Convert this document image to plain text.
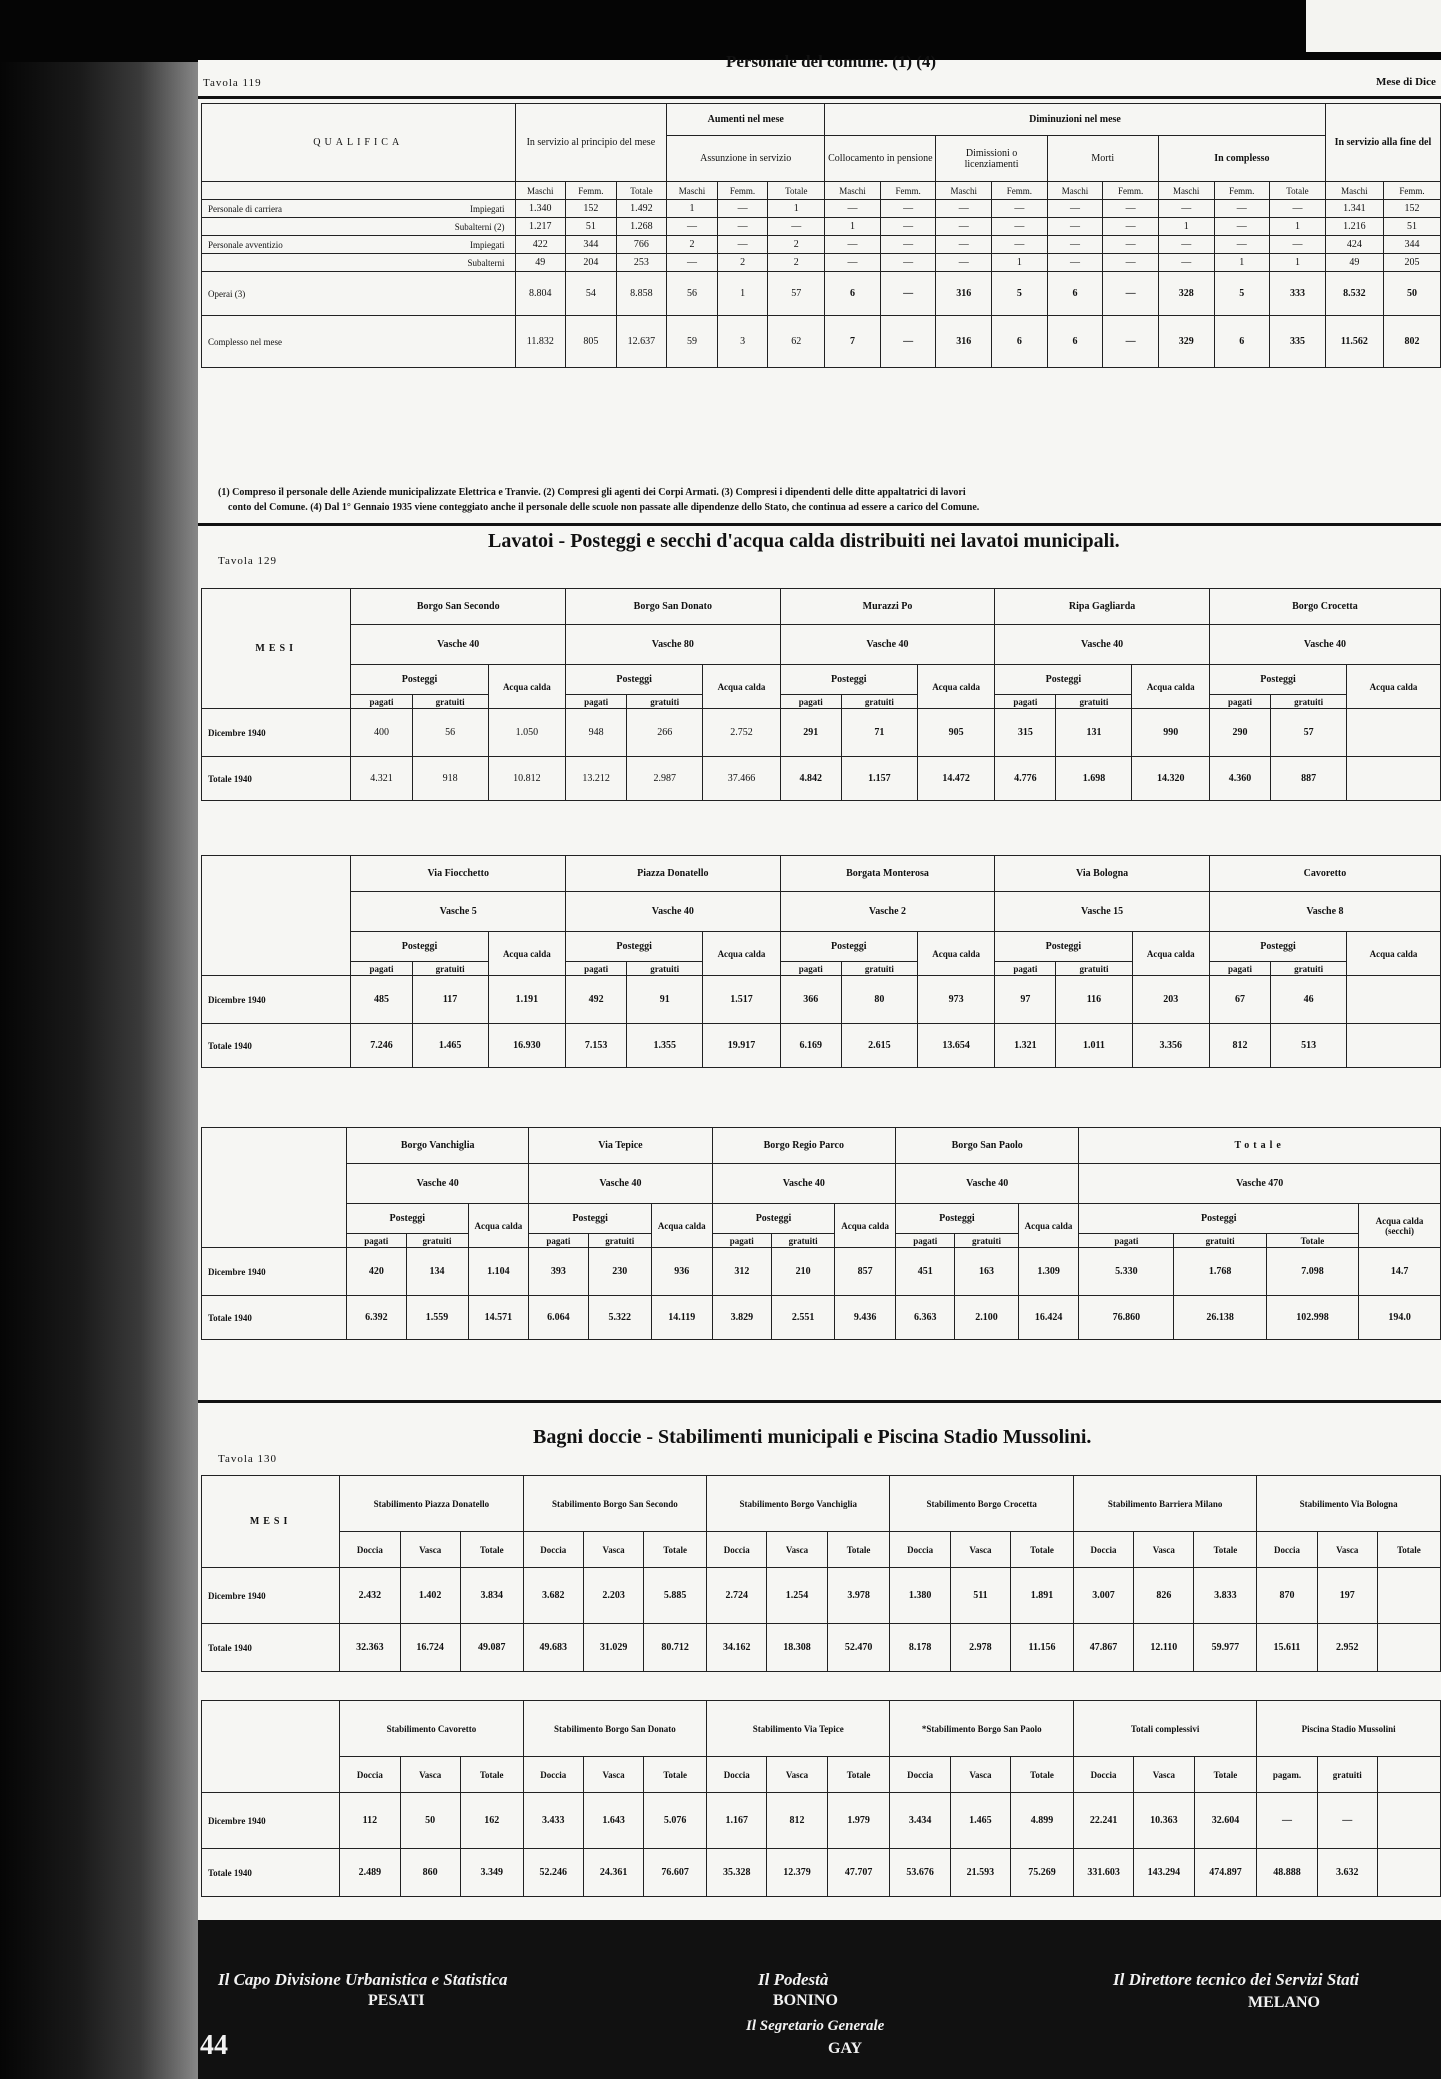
Tavola 119
Personale del comune. (1) (4)
Mese di Dice
QUALIFICA	In servizio al principio del mese			Aumenti nel mese			Diminuzioni nel mese									In servizio alla fine del	
				Assunzione in servizio			Collocamento in pensione		Dimissioni o licenziamenti		Morti		In complesso				

	Maschi	Femm.	Totale	Maschi	Femm.	Totale	Maschi	Femm.	Maschi	Femm.	Maschi	Femm.	Maschi	Femm.	Totale	Maschi	Femm.
Personale di carriera Impiegati	1.340	152	1.492	1	—	1	—	—	—	—	—	—	—	—	—	1.341	152

Subalterni (2)	1.217	51	1.268	—	—	—	1	—	—	—	—	—	1	—	1	1.216	51
Personale avventizio Impiegati	422	344	766	2	—	2	—	—	—	—	—	—	—	—	—	424	344

Subalterni	49	204	253	—	2	2	—	—	—	1	—	—	—	1	1	49	205
Operai (3)	8.804	54	8.858	56	1	57	6	—	316	5	6	—	328	5	333	8.532	50
Complesso nel mese	11.832	805	12.637	59	3	62	7	—	316	6	6	—	329	6	335	11.562	802
(1) Compreso il personale delle Aziende municipalizzate Elettrica e Tranvie. (2) Compresi gli agenti dei Corpi Armati. (3) Compresi i dipendenti delle ditte appaltatrici di lavori
conto del Comune. (4) Dal 1° Gennaio 1935 viene conteggiato anche il personale delle scuole non passate alle dipendenze dello Stato, che continua ad essere a carico del Comune.
Tavola 129
Lavatoi - Posteggi e secchi d'acqua calda distribuiti nei lavatoi municipali.
MESI	Borgo San Secondo			Borgo San Donato			Murazzi Po			Ripa Gagliarda			Borgo Crocetta		
	Vasche 40			Vasche 80			Vasche 40			Vasche 40			Vasche 40		
	Posteggi		Acqua calda	Posteggi		Acqua calda	Posteggi		Acqua calda	Posteggi		Acqua calda	Posteggi		Acqua calda
	pagati	gratuiti		pagati	gratuiti		pagati	gratuiti		pagati	gratuiti		pagati	gratuiti	
Dicembre 1940	400	56	1.050	948	266	2.752	291	71	905	315	131	990	290	57	
Totale 1940	4.321	918	10.812	13.212	2.987	37.466	4.842	1.157	14.472	4.776	1.698	14.320	4.360	887	
	Via Fiocchetto			Piazza Donatello			Borgata Monterosa			Via Bologna			Cavoretto		
	Vasche 5			Vasche 40			Vasche 2			Vasche 15			Vasche 8		
	Posteggi		Acqua calda	Posteggi		Acqua calda	Posteggi		Acqua calda	Posteggi		Acqua calda	Posteggi		Acqua calda
	pagati	gratuiti		pagati	gratuiti		pagati	gratuiti		pagati	gratuiti		pagati	gratuiti	
Dicembre 1940	485	117	1.191	492	91	1.517	366	80	973	97	116	203	67	46	
Totale 1940	7.246	1.465	16.930	7.153	1.355	19.917	6.169	2.615	13.654	1.321	1.011	3.356	812	513	
	Borgo Vanchiglia			Via Tepice			Borgo Regio Parco			Borgo San Paolo			Totale			
	Vasche 40			Vasche 40			Vasche 40			Vasche 40			Vasche 470			
	Posteggi		Acqua calda	Posteggi		Acqua calda	Posteggi		Acqua calda	Posteggi		Acqua calda	Posteggi			Acqua calda (secchi)
	pagati	gratuiti		pagati	gratuiti		pagati	gratuiti		pagati	gratuiti		pagati	gratuiti	Totale	
Dicembre 1940	420	134	1.104	393	230	936	312	210	857	451	163	1.309	5.330	1.768	7.098	14.7
Totale 1940	6.392	1.559	14.571	6.064	5.322	14.119	3.829	2.551	9.436	6.363	2.100	16.424	76.860	26.138	102.998	194.0
Tavola 130
Bagni doccie - Stabilimenti municipali e Piscina Stadio Mussolini.
MESI	Stabilimento Piazza Donatello			Stabilimento Borgo San Secondo			Stabilimento Borgo Vanchiglia			Stabilimento Borgo Crocetta			Stabilimento Barriera Milano			Stabilimento Via Bologna		
	Doccia	Vasca	Totale	Doccia	Vasca	Totale	Doccia	Vasca	Totale	Doccia	Vasca	Totale	Doccia	Vasca	Totale	Doccia	Vasca	Totale
Dicembre 1940	2.432	1.402	3.834	3.682	2.203	5.885	2.724	1.254	3.978	1.380	511	1.891	3.007	826	3.833	870	197	
Totale 1940	32.363	16.724	49.087	49.683	31.029	80.712	34.162	18.308	52.470	8.178	2.978	11.156	47.867	12.110	59.977	15.611	2.952	
	Stabilimento Cavoretto			Stabilimento Borgo San Donato			Stabilimento Via Tepice			*Stabilimento Borgo San Paolo			Totali complessivi			Piscina Stadio Mussolini		
	Doccia	Vasca	Totale	Doccia	Vasca	Totale	Doccia	Vasca	Totale	Doccia	Vasca	Totale	Doccia	Vasca	Totale	pagam.	gratuiti	
Dicembre 1940	112	50	162	3.433	1.643	5.076	1.167	812	1.979	3.434	1.465	4.899	22.241	10.363	32.604	—	—	
Totale 1940	2.489	860	3.349	52.246	24.361	76.607	35.328	12.379	47.707	53.676	21.593	75.269	331.603	143.294	474.897	48.888	3.632	
Il Capo Divisione Urbanistica e Statistica
PESATI
Il Podestà
BONINO
Il Segretario Generale
GAY
Il Direttore tecnico dei Servizi Stati
MELANO
44
